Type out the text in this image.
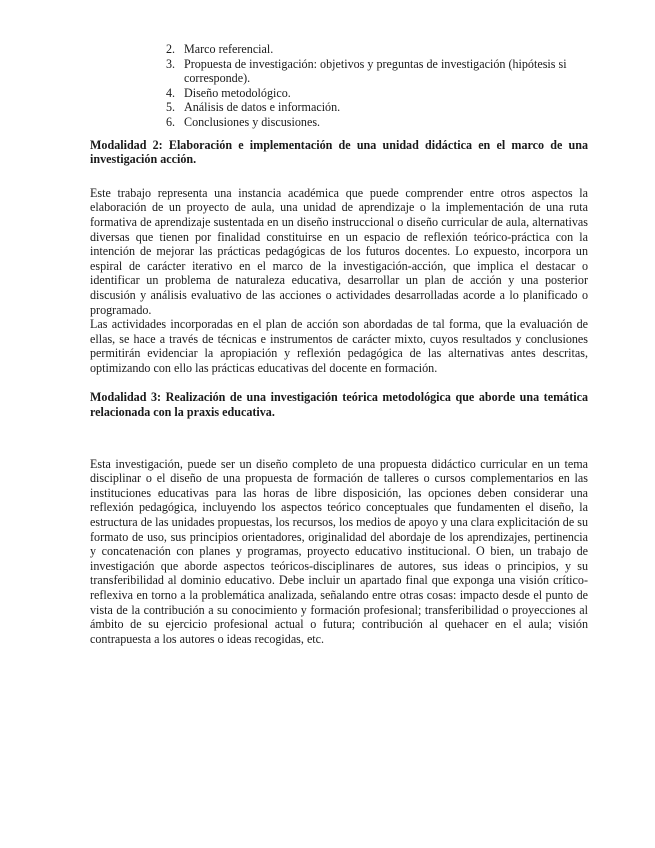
2. Marco referencial.
3. Propuesta de investigación: objetivos y preguntas de investigación (hipótesis si corresponde).
4. Diseño metodológico.
5. Análisis de datos e información.
6. Conclusiones y discusiones.
Modalidad 2: Elaboración e implementación de una unidad didáctica en el marco de una investigación acción.

Este trabajo representa una instancia académica que puede comprender entre otros aspectos la elaboración de un proyecto de aula, una unidad de aprendizaje o la implementación de una ruta formativa de aprendizaje sustentada en un diseño instruccional o diseño curricular de aula, alternativas diversas que tienen por finalidad constituirse en un espacio de reflexión teórico-práctica con la intención de mejorar las prácticas pedagógicas de los futuros docentes. Lo expuesto, incorpora un espiral de carácter iterativo en el marco de la investigación-acción, que implica el destacar o identificar un problema de naturaleza educativa, desarrollar un plan de acción y una posterior discusión y análisis evaluativo de las acciones o actividades desarrolladas acorde a lo planificado o programado.

Las actividades incorporadas en el plan de acción son abordadas de tal forma, que la evaluación de ellas, se hace a través de técnicas e instrumentos de carácter mixto, cuyos resultados y conclusiones permitirán evidenciar la apropiación y reflexión pedagógica de las alternativas antes descritas, optimizando con ello las prácticas educativas del docente en formación.

Modalidad 3: Realización de una investigación teórica metodológica que aborde una temática relacionada con la praxis educativa.

Esta investigación, puede ser un diseño completo de una propuesta didáctico curricular en un tema disciplinar o el diseño de una propuesta de formación de talleres o cursos complementarios en las instituciones educativas para las horas de libre disposición, las opciones deben considerar una reflexión pedagógica, incluyendo los aspectos teórico conceptuales que fundamenten el diseño, la estructura de las unidades propuestas, los recursos, los medios de apoyo y una clara explicitación de su formato de uso, sus principios orientadores, originalidad del abordaje de los aprendizajes, pertinencia y concatenación con planes y programas, proyecto educativo institucional. O bien, un trabajo de investigación que aborde aspectos teóricos-disciplinares de autores, sus ideas o principios, y su transferibilidad al dominio educativo. Debe incluir un apartado final que exponga una visión crítico-reflexiva en torno a la problemática analizada, señalando entre otras cosas: impacto desde el punto de vista de la contribución a su conocimiento y formación profesional; transferibilidad o proyecciones al ámbito de su ejercicio profesional actual o futura; contribución al quehacer en el aula; visión contrapuesta a los autores o ideas recogidas, etc.
